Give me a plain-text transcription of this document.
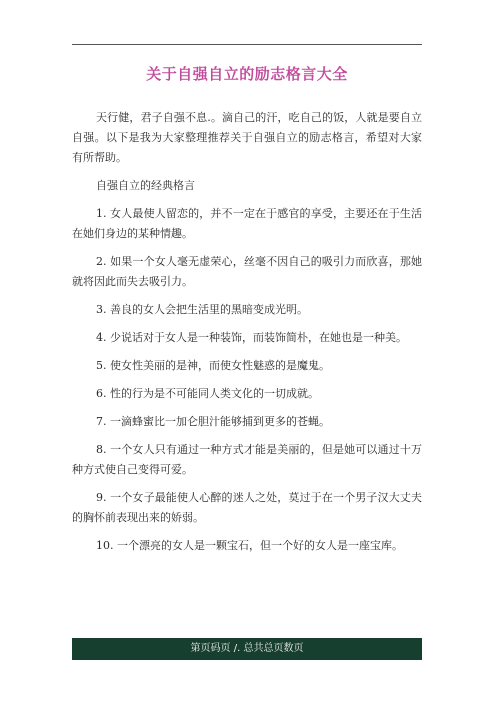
关于自强自立的励志格言大全

天行健，君子自强不息.。滴自己的汗，吃自己的饭，人就是要自立自强。以下是我为大家整理推荐关于自强自立的励志格言，希望对大家有所帮助。

自强自立的经典格言

1. 女人最使人留恋的，并不一定在于感官的享受，主要还在于生活在她们身边的某种情趣。

2. 如果一个女人毫无虚荣心，丝毫不因自己的吸引力而欣喜，那她就将因此而失去吸引力。

3. 善良的女人会把生活里的黑暗变成光明。

4. 少说话对于女人是一种装饰，而装饰简朴，在她也是一种美。

5. 使女性美丽的是神，而使女性魅惑的是魔鬼。

6. 性的行为是不可能同人类文化的一切成就。

7. 一滴蜂蜜比一加仑胆汁能够捕到更多的苍蝇。

8. 一个女人只有通过一种方式才能是美丽的，但是她可以通过十万种方式使自己变得可爱。

9. 一个女子最能使人心醉的迷人之处，莫过于在一个男子汉大丈夫的胸怀前表现出来的娇弱。

10. 一个漂亮的女人是一颗宝石，但一个好的女人是一座宝库。

第页码页 /. 总共总页数页
